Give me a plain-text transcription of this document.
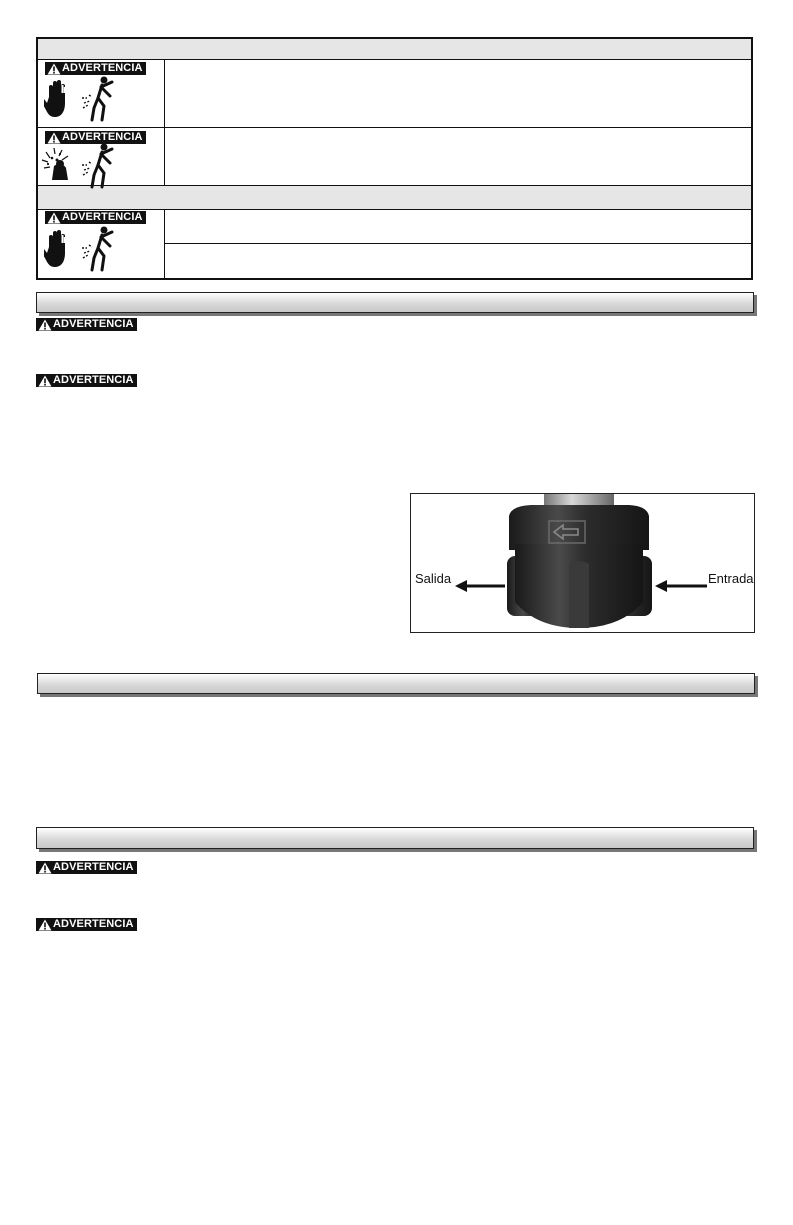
ADVERTENCIA
ADVERTENCIA
ADVERTENCIA
ADVERTENCIA
ADVERTENCIA
Salida	Entrada
ADVERTENCIA
ADVERTENCIA
